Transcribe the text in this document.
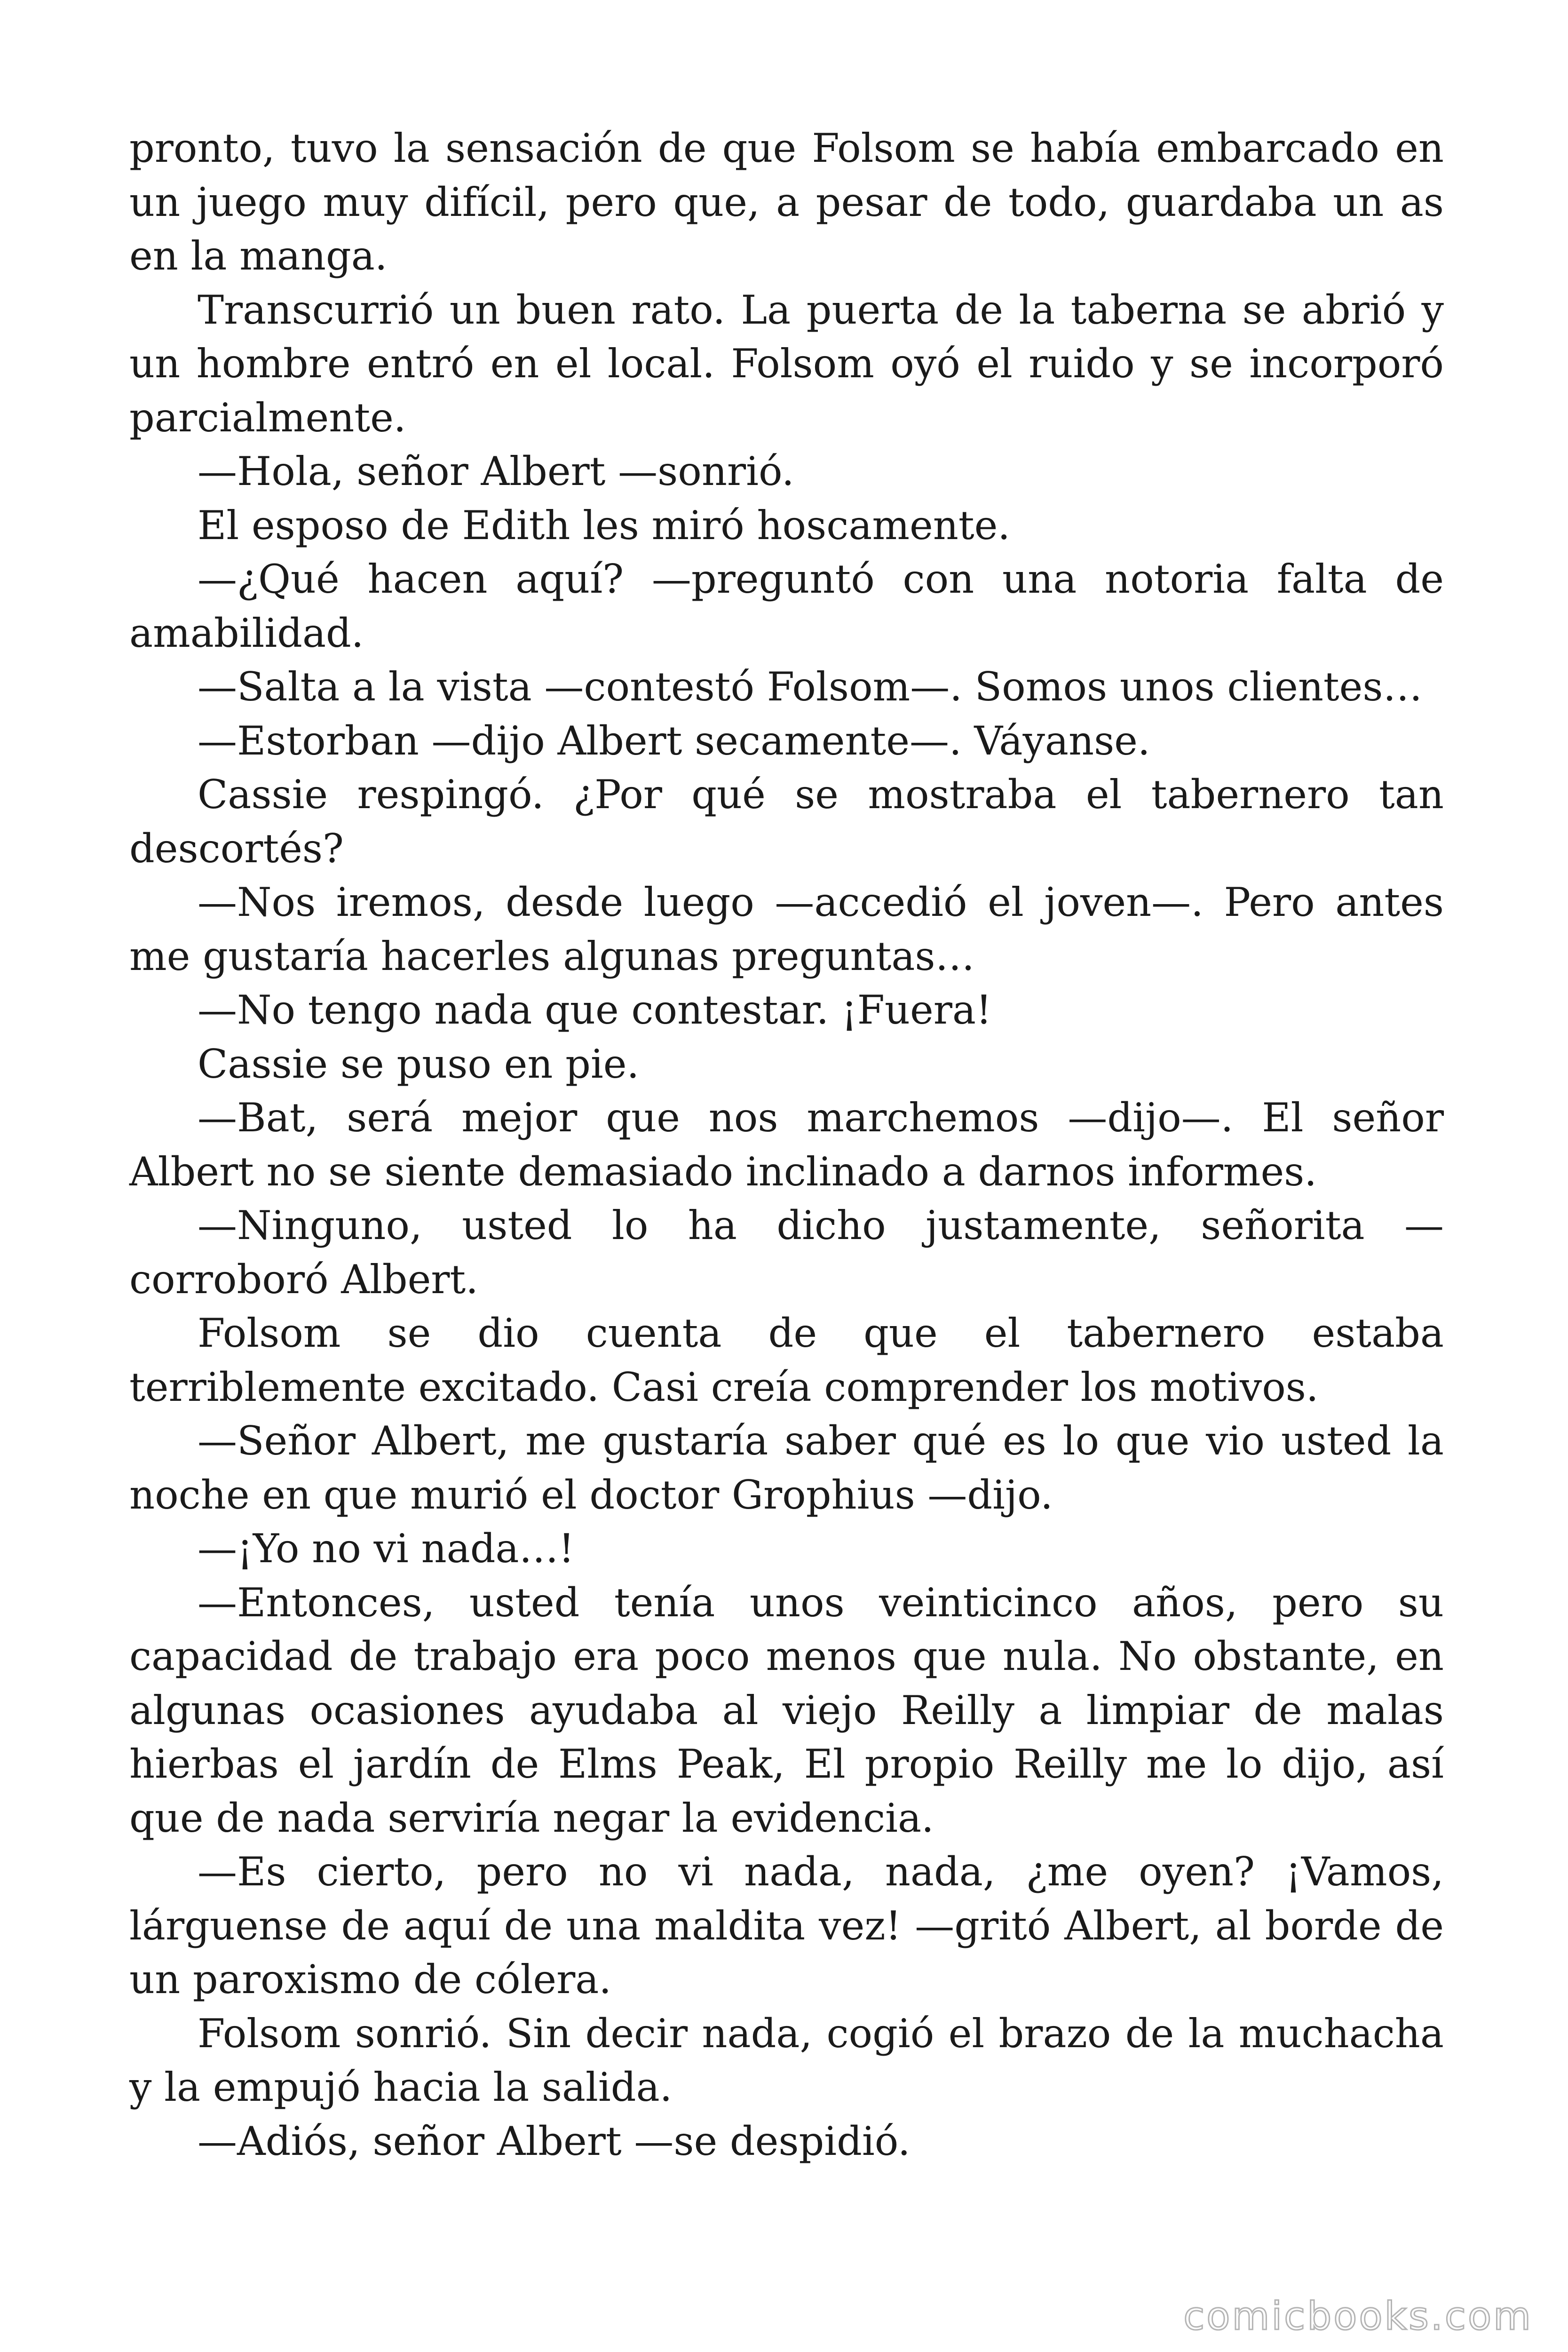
pronto, tuvo la sensación de que Folsom se había embarcado en un juego muy difícil, pero que, a pesar de todo, guardaba un as en la manga.

Transcurrió un buen rato. La puerta de la taberna se abrió y un hombre entró en el local. Folsom oyó el ruido y se incorporó parcialmente.

—Hola, señor Albert —sonrió.

El esposo de Edith les miró hoscamente.

—¿Qué hacen aquí? —preguntó con una notoria falta de amabilidad.

—Salta a la vista —contestó Folsom—. Somos unos clientes…

—Estorban —dijo Albert secamente—. Váyanse.

Cassie respingó. ¿Por qué se mostraba el tabernero tan descortés?

—Nos iremos, desde luego —accedió el joven—. Pero antes me gustaría hacerles algunas preguntas…

—No tengo nada que contestar. ¡Fuera!

Cassie se puso en pie.

—Bat, será mejor que nos marchemos —dijo—. El señor Albert no se siente demasiado inclinado a darnos informes.

—Ninguno, usted lo ha dicho justamente, señorita —corroboró Albert.

Folsom se dio cuenta de que el tabernero estaba terriblemente excitado. Casi creía comprender los motivos.

—Señor Albert, me gustaría saber qué es lo que vio usted la noche en que murió el doctor Grophius —dijo.

—¡Yo no vi nada…!

—Entonces, usted tenía unos veinticinco años, pero su capacidad de trabajo era poco menos que nula. No obstante, en algunas ocasiones ayudaba al viejo Reilly a limpiar de malas hierbas el jardín de Elms Peak, El propio Reilly me lo dijo, así que de nada serviría negar la evidencia.

—Es cierto, pero no vi nada, nada, ¿me oyen? ¡Vamos, lárguense de aquí de una maldita vez! —gritó Albert, al borde de un paroxismo de cólera.

Folsom sonrió. Sin decir nada, cogió el brazo de la muchacha y la empujó hacia la salida.

—Adiós, señor Albert —se despidió.

comicbooks.com
